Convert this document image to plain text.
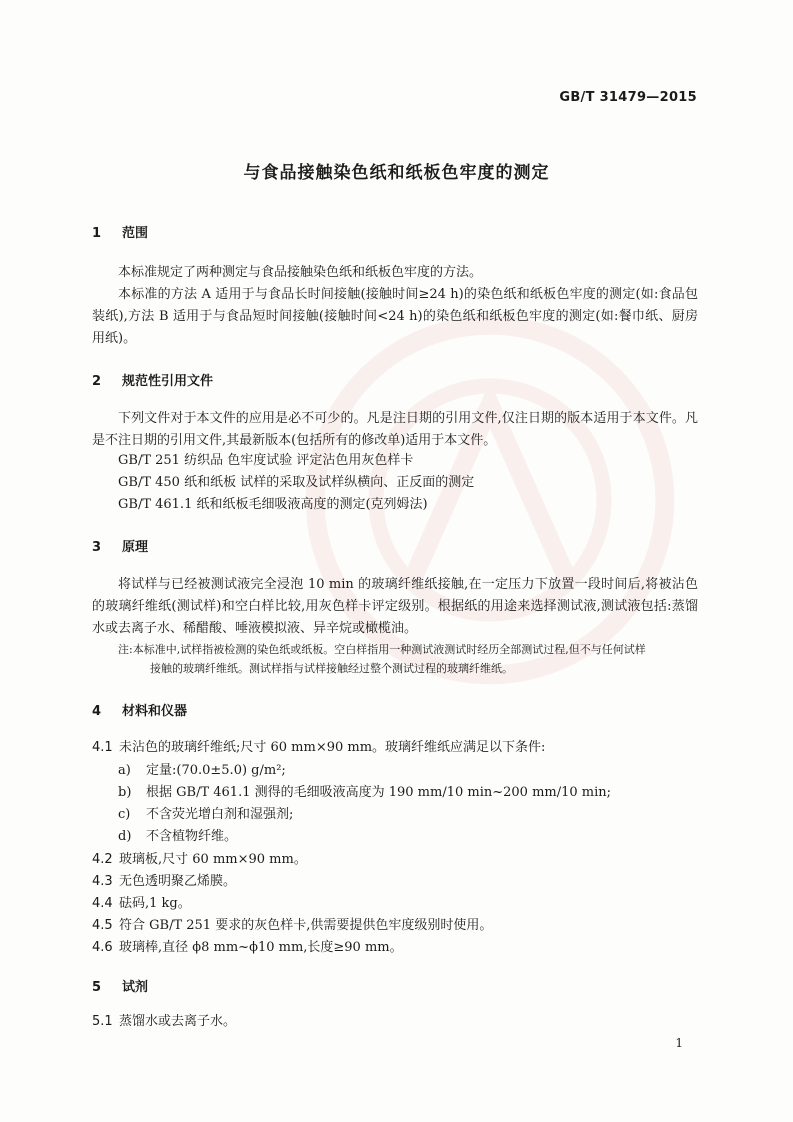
GB/T 31479—2015
与食品接触染色纸和纸板色牢度的测定
1 范围
本标准规定了两种测定与食品接触染色纸和纸板色牢度的方法。
本标准的方法 A 适用于与食品长时间接触(接触时间≥24 h)的染色纸和纸板色牢度的测定(如:食品包装纸),方法 B 适用于与食品短时间接触(接触时间<24 h)的染色纸和纸板色牢度的测定(如:餐巾纸、厨房用纸)。
2 规范性引用文件
下列文件对于本文件的应用是必不可少的。凡是注日期的引用文件,仅注日期的版本适用于本文件。凡是不注日期的引用文件,其最新版本(包括所有的修改单)适用于本文件。
GB/T 251 纺织品 色牢度试验 评定沾色用灰色样卡
GB/T 450 纸和纸板 试样的采取及试样纵横向、正反面的测定
GB/T 461.1 纸和纸板毛细吸液高度的测定(克列姆法)
3 原理
将试样与已经被测试液完全浸泡 10 min 的玻璃纤维纸接触,在一定压力下放置一段时间后,将被沾色的玻璃纤维纸(测试样)和空白样比较,用灰色样卡评定级别。根据纸的用途来选择测试液,测试液包括:蒸馏水或去离子水、稀醋酸、唾液模拟液、异辛烷或橄榄油。
注:本标准中,试样指被检测的染色纸或纸板。空白样指用一种测试液测试时经历全部测试过程,但不与任何试样
接触的玻璃纤维纸。测试样指与试样接触经过整个测试过程的玻璃纤维纸。
4 材料和仪器
4.1 未沾色的玻璃纤维纸;尺寸 60 mm×90 mm。玻璃纤维纸应满足以下条件:
a) 定量:(70.0±5.0) g/m²;
b) 根据 GB/T 461.1 测得的毛细吸液高度为 190 mm/10 min~200 mm/10 min;
c) 不含荧光增白剂和湿强剂;
d) 不含植物纤维。
4.2 玻璃板,尺寸 60 mm×90 mm。
4.3 无色透明聚乙烯膜。
4.4 砝码,1 kg。
4.5 符合 GB/T 251 要求的灰色样卡,供需要提供色牢度级别时使用。
4.6 玻璃棒,直径 ϕ8 mm~ϕ10 mm,长度≥90 mm。
5 试剂
5.1 蒸馏水或去离子水。
1
